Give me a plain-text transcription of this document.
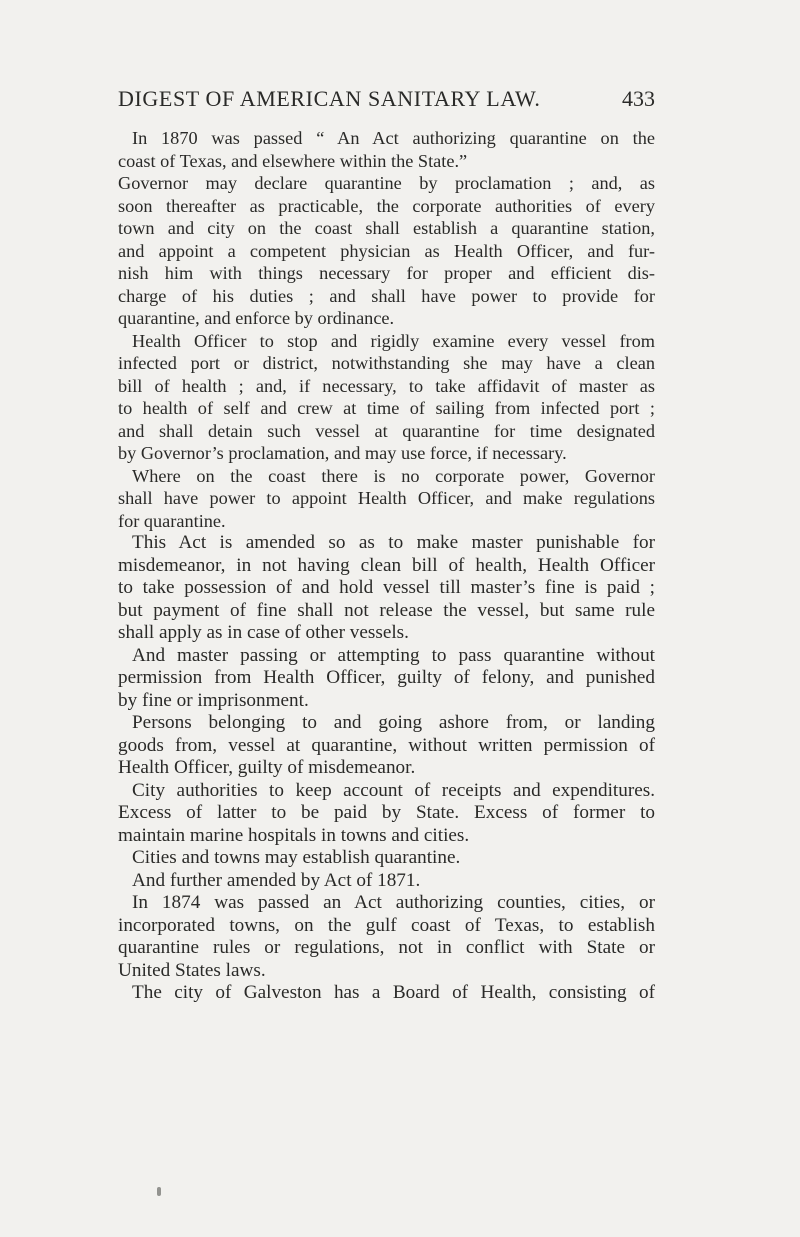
DIGEST OF AMERICAN SANITARY LAW.	433
In 1870 was passed “ An Act authorizing quarantine on the
coast of Texas, and elsewhere within the State.”
Governor may declare quarantine by proclamation ; and, as
soon thereafter as practicable, the corporate authorities of every
town and city on the coast shall establish a quarantine station,
and appoint a competent physician as Health Officer, and fur-
nish him with things necessary for proper and efficient dis-
charge of his duties ; and shall have power to provide for
quarantine, and enforce by ordinance.
Health Officer to stop and rigidly examine every vessel from
infected port or district, notwithstanding she may have a clean
bill of health ; and, if necessary, to take affidavit of master as
to health of self and crew at time of sailing from infected port ;
and shall detain such vessel at quarantine for time designated
by Governor’s proclamation, and may use force, if necessary.
Where on the coast there is no corporate power, Governor
shall have power to appoint Health Officer, and make regulations
for quarantine.
This Act is amended so as to make master punishable for
misdemeanor, in not having clean bill of health, Health Officer
to take possession of and hold vessel till master’s fine is paid ;
but payment of fine shall not release the vessel, but same rule
shall apply as in case of other vessels.
And master passing or attempting to pass quarantine without
permission from Health Officer, guilty of felony, and punished
by fine or imprisonment.
Persons belonging to and going ashore from, or landing
goods from, vessel at quarantine, without written permission of
Health Officer, guilty of misdemeanor.
City authorities to keep account of receipts and expenditures.
Excess of latter to be paid by State. Excess of former to
maintain marine hospitals in towns and cities.
Cities and towns may establish quarantine.
And further amended by Act of 1871.
In 1874 was passed an Act authorizing counties, cities, or
incorporated towns, on the gulf coast of Texas, to establish
quarantine rules or regulations, not in conflict with State or
United States laws.
The city of Galveston has a Board of Health, consisting of
